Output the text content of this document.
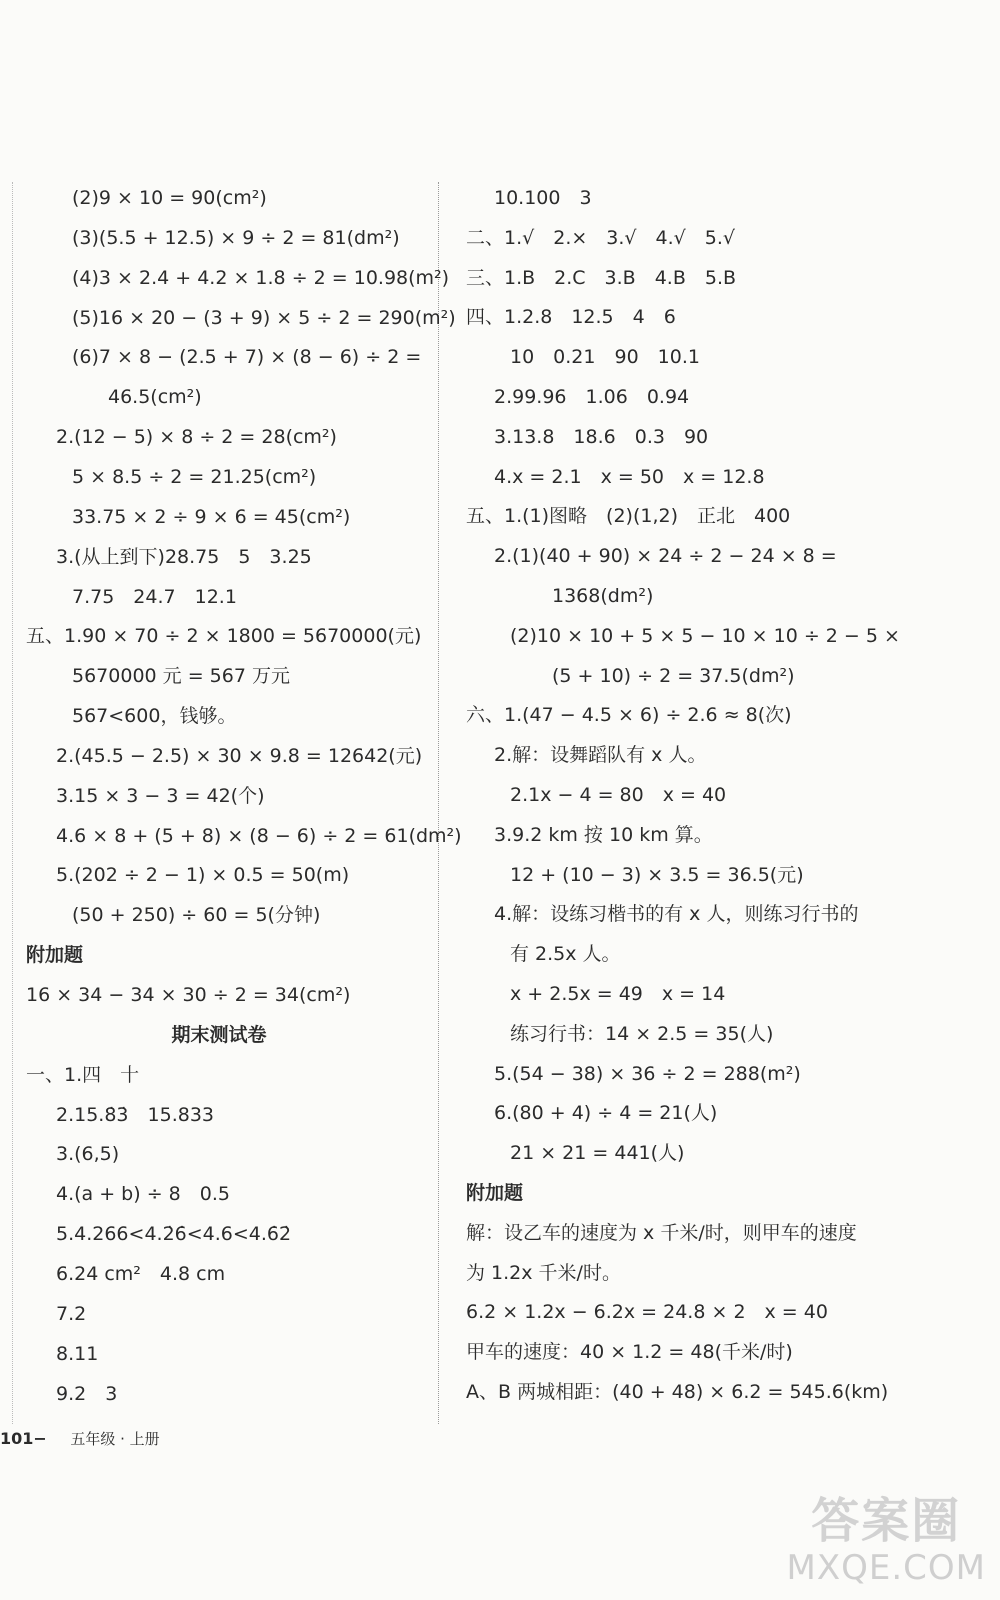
(2)9 × 10 = 90(cm²)
(3)(5.5 + 12.5) × 9 ÷ 2 = 81(dm²)
(4)3 × 2.4 + 4.2 × 1.8 ÷ 2 = 10.98(m²)
(5)16 × 20 − (3 + 9) × 5 ÷ 2 = 290(m²)
(6)7 × 8 − (2.5 + 7) × (8 − 6) ÷ 2 =
46.5(cm²)
2.(12 − 5) × 8 ÷ 2 = 28(cm²)
5 × 8.5 ÷ 2 = 21.25(cm²)
33.75 × 2 ÷ 9 × 6 = 45(cm²)
3.(从上到下)28.75　5　3.25
7.75　24.7　12.1
五、1.90 × 70 ÷ 2 × 1800 = 5670000(元)
5670000 元 = 567 万元
567<600，钱够。
2.(45.5 − 2.5) × 30 × 9.8 = 12642(元)
3.15 × 3 − 3 = 42(个)
4.6 × 8 + (5 + 8) × (8 − 6) ÷ 2 = 61(dm²)
5.(202 ÷ 2 − 1) × 0.5 = 50(m)
(50 + 250) ÷ 60 = 5(分钟)
附加题
16 × 34 − 34 × 30 ÷ 2 = 34(cm²)
期末测试卷
一、1.四　十
2.15.8̇3̇　15.833
3.(6,5)
4.(a + b) ÷ 8　0.5
5.4.266<4.2̇6̇<4.6<4.6̇2̇
6.24 cm²　4.8 cm
7.2
8.11
9.2　3
10.100　3
二、1.√　2.×　3.√　4.√　5.√
三、1.B　2.C　3.B　4.B　5.B
四、1.2.8　12.5　4　6
10　0.21　90　10.1
2.99.96　1.06　0.94
3.13.8　18.6　0.3　90
4.x = 2.1　x = 50　x = 12.8
五、1.(1)图略　(2)(1,2)　正北　400
2.(1)(40 + 90) × 24 ÷ 2 − 24 × 8 =
1368(dm²)
(2)10 × 10 + 5 × 5 − 10 × 10 ÷ 2 − 5 ×
(5 + 10) ÷ 2 = 37.5(dm²)
六、1.(47 − 4.5 × 6) ÷ 2.6 ≈ 8(次)
2.解：设舞蹈队有 x 人。
2.1x − 4 = 80　x = 40
3.9.2 km 按 10 km 算。
12 + (10 − 3) × 3.5 = 36.5(元)
4.解：设练习楷书的有 x 人，则练习行书的
有 2.5x 人。
x + 2.5x = 49　x = 14
练习行书：14 × 2.5 = 35(人)
5.(54 − 38) × 36 ÷ 2 = 288(m²)
6.(80 + 4) ÷ 4 = 21(人)
21 × 21 = 441(人)
附加题
解：设乙车的速度为 x 千米/时，则甲车的速度
为 1.2x 千米/时。
6.2 × 1.2x − 6.2x = 24.8 × 2　x = 40
甲车的速度：40 × 1.2 = 48(千米/时)
A、B 两城相距：(40 + 48) × 6.2 = 545.6(km)
101− 五年级 · 上册
答案圈
MXQE.COM
